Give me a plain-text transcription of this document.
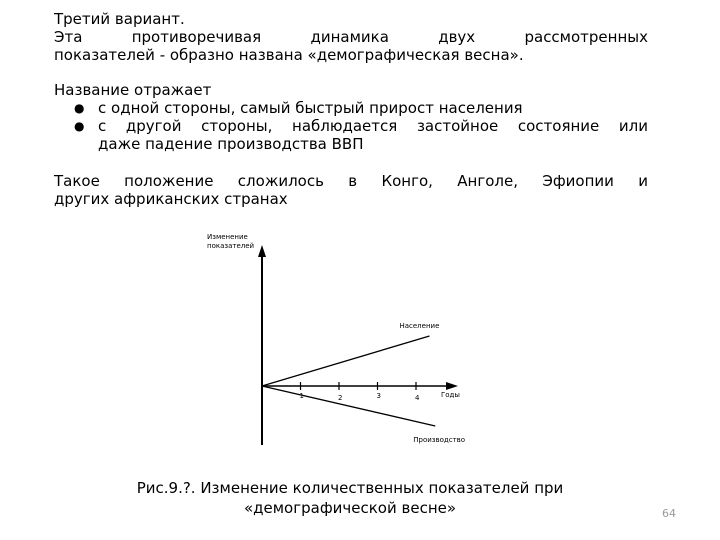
Третий вариант.
Эта противоречивая динамика двух рассмотренных
показателей - образно названа «демографическая весна».
Название отражает
● с одной стороны, самый быстрый прирост населения
● с другой стороны, наблюдается застойное состояние или
даже падение производства ВВП
Такое положение сложилось в Конго, Анголе, Эфиопии и
других африканских странах
Изменение
показателей
Годы
1	2	3	4
Население
Производство
Рис.9.?. Изменение количественных показателей при
«демографической весне»	64
